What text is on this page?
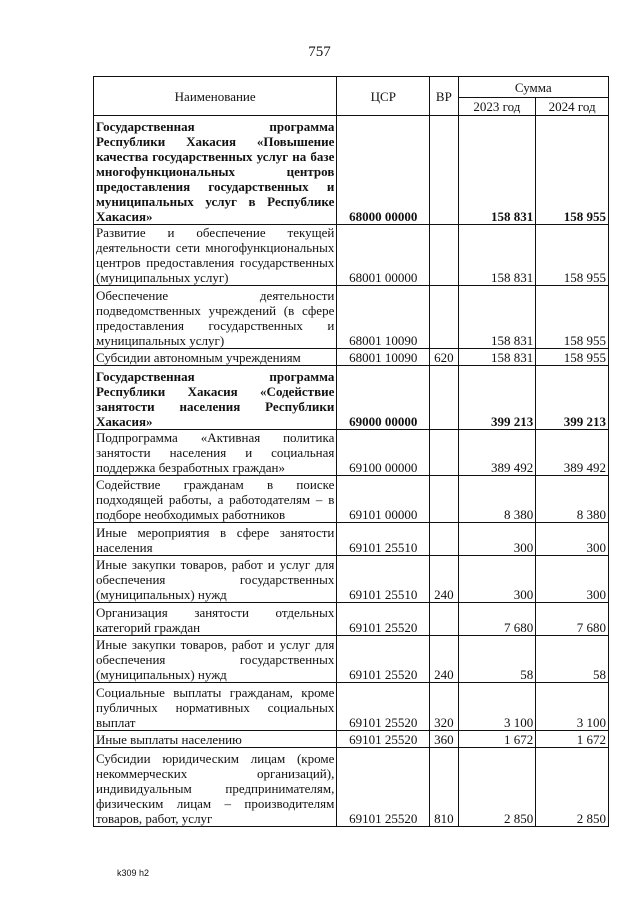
757
Наименование	ЦСР	ВР	Сумма	
			2023 год	2024 год
Государственная программа Республики Хакасия «Повышение качества государственных услуг на базе многофункциональных центров предоставления государственных и муниципальных услуг в Республике Хакасия»	68000 00000		158 831	158 955
Развитие и обеспечение текущей деятельности сети многофункциональных центров предоставления государственных (муниципальных услуг)	68001 00000		158 831	158 955
Обеспечение деятельности подведомственных учреждений (в сфере предоставления государственных и муниципальных услуг)	68001 10090		158 831	158 955
Субсидии автономным учреждениям	68001 10090	620	158 831	158 955
Государственная программа Республики Хакасия «Содействие занятости населения Республики Хакасия»	69000 00000		399 213	399 213
Подпрограмма «Активная политика занятости населения и социальная поддержка безработных граждан»	69100 00000		389 492	389 492
Содействие гражданам в поиске подходящей работы, а работодателям – в подборе необходимых работников	69101 00000		8 380	8 380
Иные мероприятия в сфере занятости населения	69101 25510		300	300
Иные закупки товаров, работ и услуг для обеспечения государственных (муниципальных) нужд	69101 25510	240	300	300
Организация занятости отдельных категорий граждан	69101 25520		7 680	7 680
Иные закупки товаров, работ и услуг для обеспечения государственных (муниципальных) нужд	69101 25520	240	58	58
Социальные выплаты гражданам, кроме публичных нормативных социальных выплат	69101 25520	320	3 100	3 100
Иные выплаты населению	69101 25520	360	1 672	1 672
Субсидии юридическим лицам (кроме некоммерческих организаций), индивидуальным предпринимателям, физическим лицам – производителям товаров, работ, услуг	69101 25520	810	2 850	2 850
k309 h2
